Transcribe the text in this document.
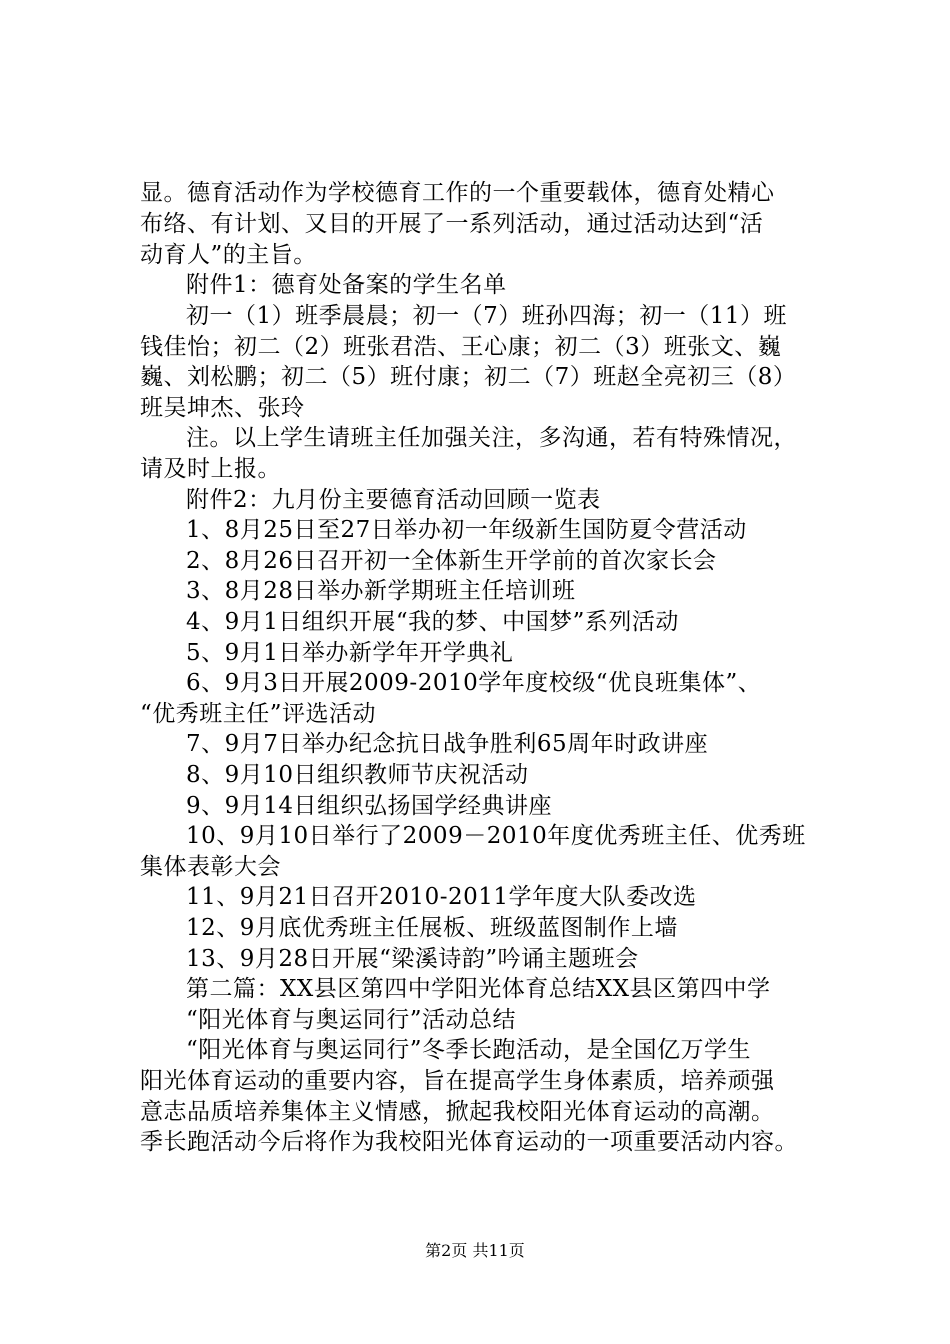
显。德育活动作为学校德育工作的一个重要载体，德育处精心
布络、有计划、又目的开展了一系列活动，通过活动达到“活
动育人”的主旨。
附件1：德育处备案的学生名单
初一（1）班季晨晨；初一（7）班孙四海；初一（11）班
钱佳怡；初二（2）班张君浩、王心康；初二（3）班张文、巍
巍、刘松鹏；初二（5）班付康；初二（7）班赵全亮初三（8）
班吴坤杰、张玲
注。以上学生请班主任加强关注，多沟通，若有特殊情况，
请及时上报。
附件2：九月份主要德育活动回顾一览表
1、8月25日至27日举办初一年级新生国防夏令营活动
2、8月26日召开初一全体新生开学前的首次家长会
3、8月28日举办新学期班主任培训班
4、9月1日组织开展“我的梦、中国梦”系列活动
5、9月1日举办新学年开学典礼
6、9月3日开展2009-2010学年度校级“优良班集体”、
“优秀班主任”评选活动
7、9月7日举办纪念抗日战争胜利65周年时政讲座
8、9月10日组织教师节庆祝活动
9、9月14日组织弘扬国学经典讲座
10、9月10日举行了2009－2010年度优秀班主任、优秀班
集体表彰大会
11、9月21日召开2010-2011学年度大队委改选
12、9月底优秀班主任展板、班级蓝图制作上墙
13、9月28日开展“梁溪诗韵”吟诵主题班会
第二篇：XX县区第四中学阳光体育总结XX县区第四中学
“阳光体育与奥运同行”活动总结
“阳光体育与奥运同行”冬季长跑活动，是全国亿万学生
阳光体育运动的重要内容，旨在提高学生身体素质，培养顽强
意志品质培养集体主义情感，掀起我校阳光体育运动的高潮。
季长跑活动今后将作为我校阳光体育运动的一项重要活动内容。
第2页 共11页
